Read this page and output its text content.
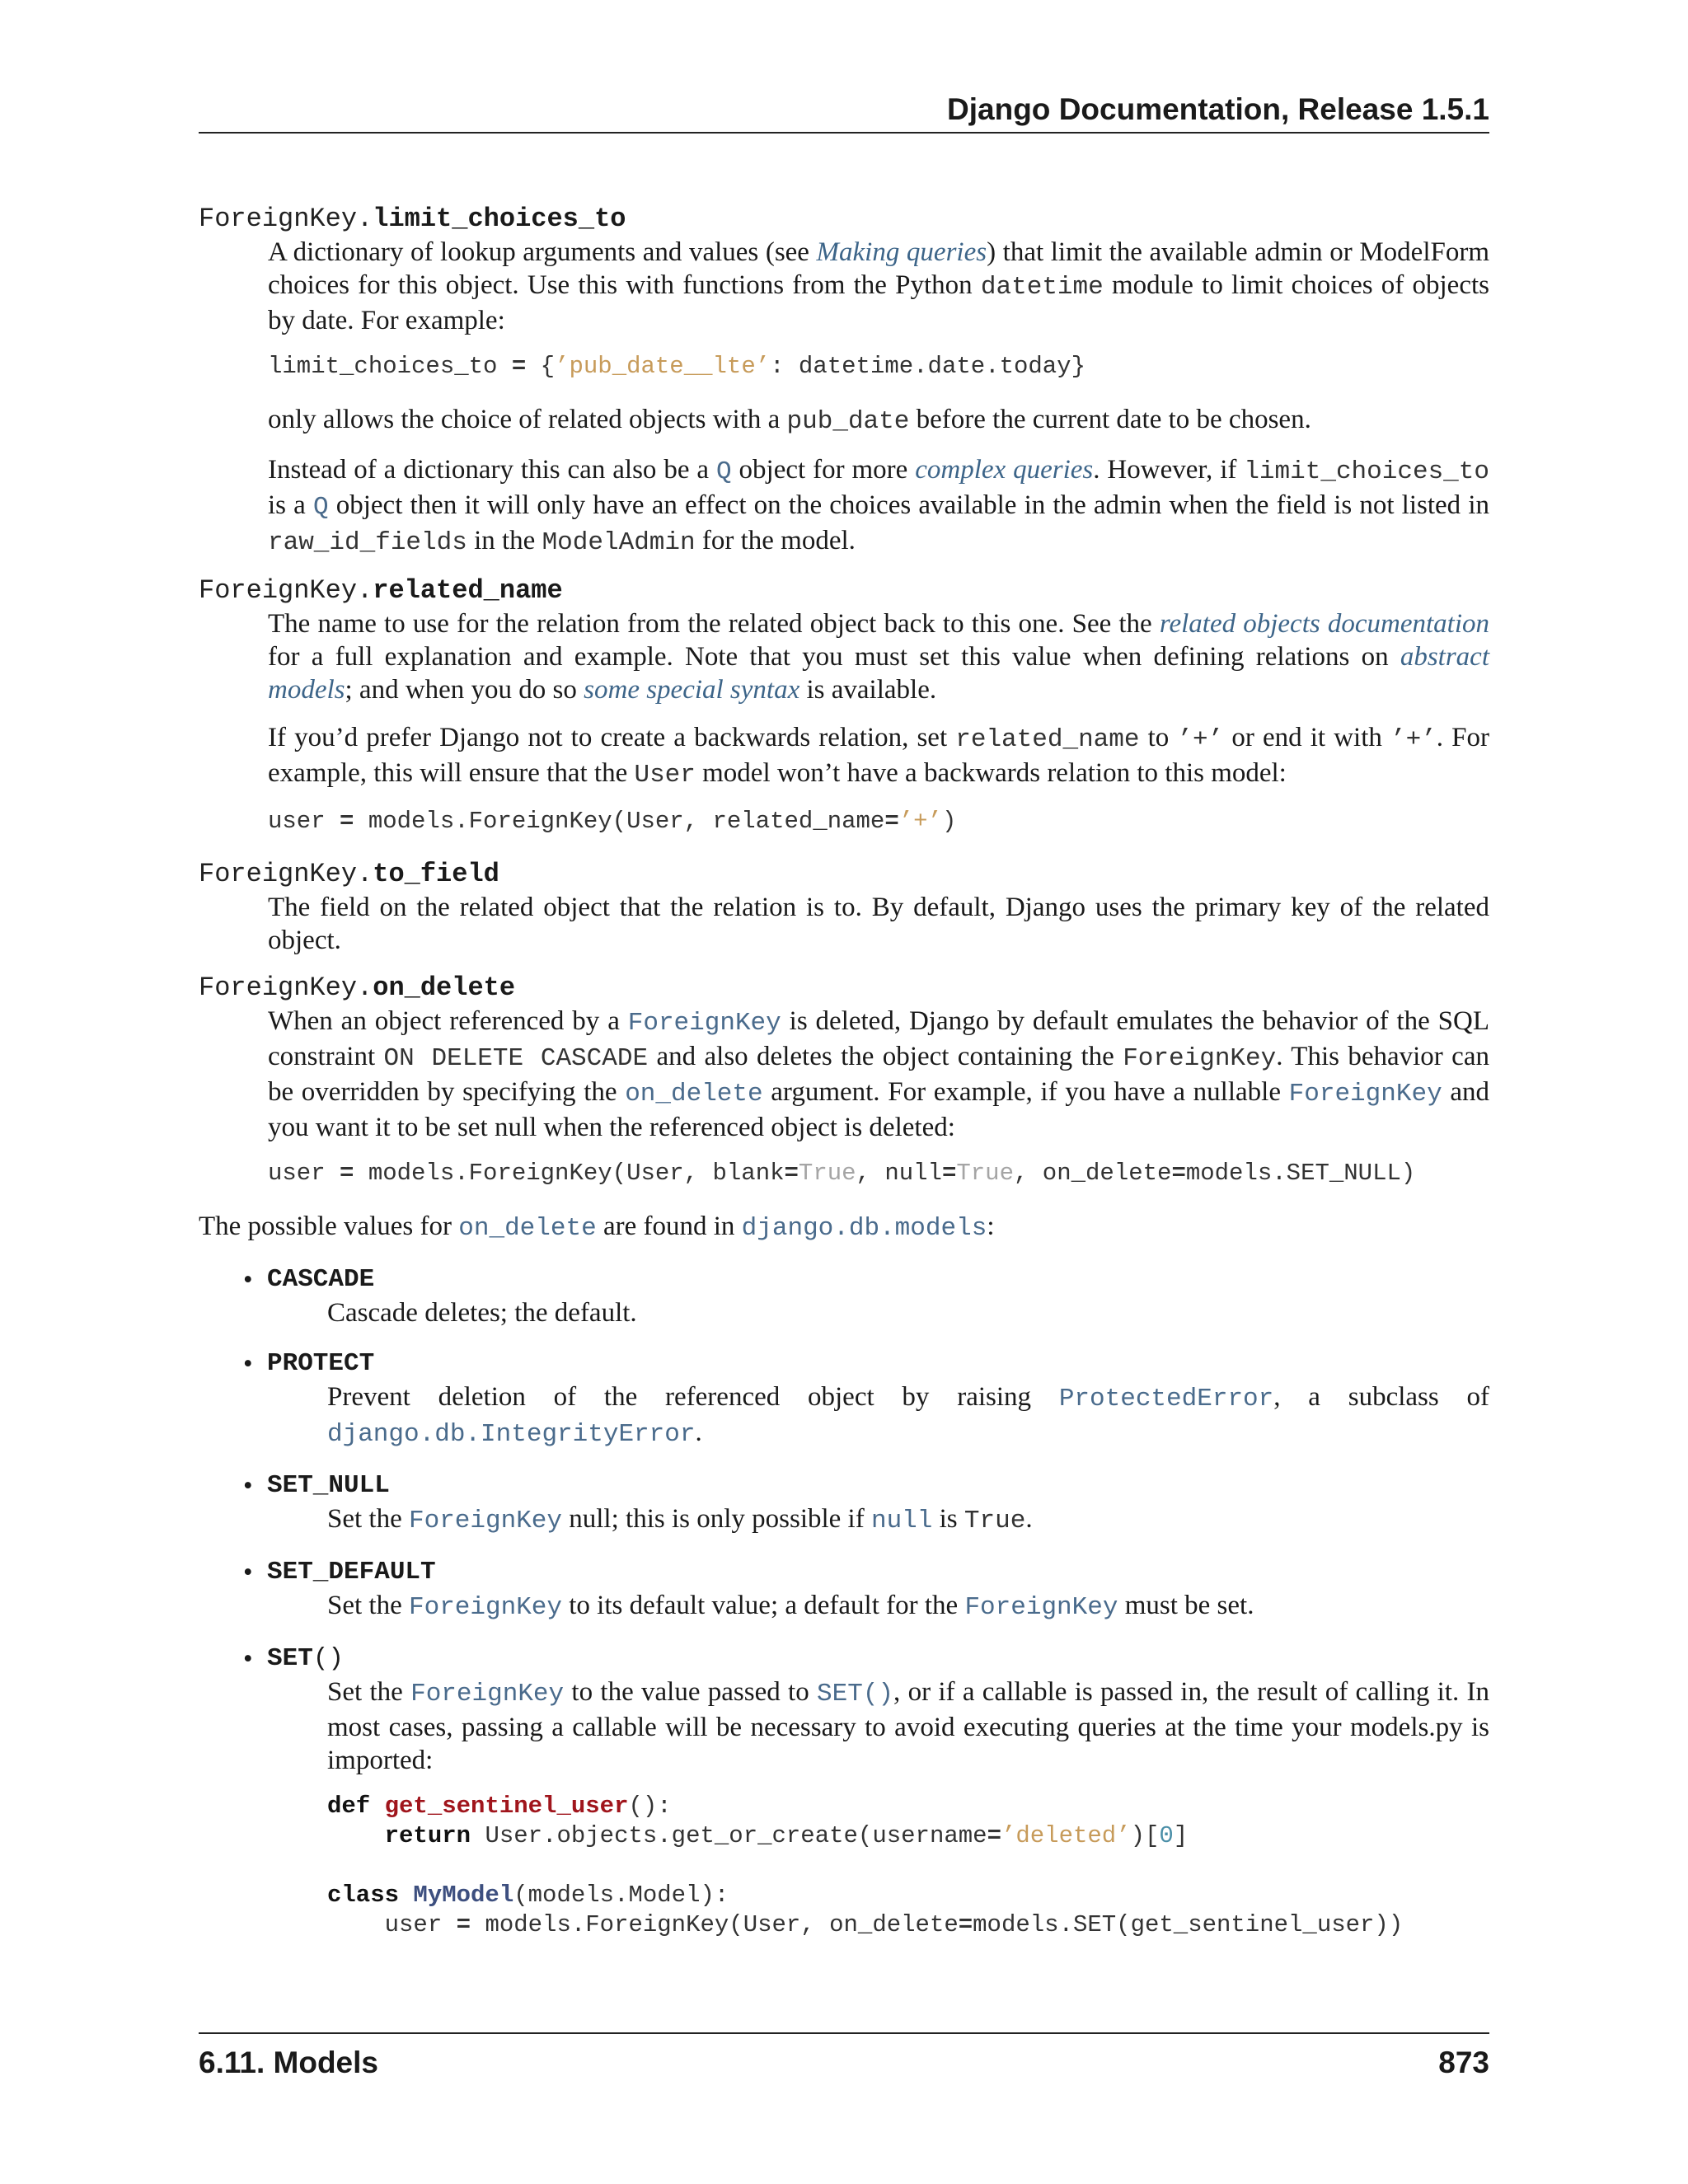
Django Documentation, Release 1.5.1
ForeignKey.limit_choices_to

A dictionary of lookup arguments and values (see Making queries) that limit the available admin or ModelForm choices for this object. Use this with functions from the Python datetime module to limit choices of objects by date. For example:

limit_choices_to = {’pub_date__lte’: datetime.date.today}

only allows the choice of related objects with a pub_date before the current date to be chosen.

Instead of a dictionary this can also be a Q object for more complex queries. However, if limit_choices_to is a Q object then it will only have an effect on the choices available in the admin when the field is not listed in raw_id_fields in the ModelAdmin for the model.

ForeignKey.related_name

The name to use for the relation from the related object back to this one. See the related objects documentation for a full explanation and example. Note that you must set this value when defining relations on abstract models; and when you do so some special syntax is available.

If you’d prefer Django not to create a backwards relation, set related_name to ’+’ or end it with ’+’. For example, this will ensure that the User model won’t have a backwards relation to this model:

user = models.ForeignKey(User, related_name=’+’)
ForeignKey.to_field

The field on the related object that the relation is to. By default, Django uses the primary key of the related object.

ForeignKey.on_delete

When an object referenced by a ForeignKey is deleted, Django by default emulates the behavior of the SQL constraint ON DELETE CASCADE and also deletes the object containing the ForeignKey. This behavior can be overridden by specifying the on_delete argument. For example, if you have a nullable ForeignKey and you want it to be set null when the referenced object is deleted:

user = models.ForeignKey(User, blank=True, null=True, on_delete=models.SET_NULL)

The possible values for on_delete are found in django.db.models:

• CASCADE
Cascade deletes; the default.
• PROTECT
Prevent deletion of the referenced object by raising ProtectedError, a subclass of django.db.IntegrityError.
• SET_NULL
Set the ForeignKey null; this is only possible if null is True.
• SET_DEFAULT
Set the ForeignKey to its default value; a default for the ForeignKey must be set.
• SET()

Set the ForeignKey to the value passed to SET(), or if a callable is passed in, the result of calling it. In most cases, passing a callable will be necessary to avoid executing queries at the time your models.py is imported:

def get_sentinel_user():
return User.objects.get_or_create(username=’deleted’)[0]

class MyModel(models.Model):
user = models.ForeignKey(User, on_delete=models.SET(get_sentinel_user))
6.11. Models	873
